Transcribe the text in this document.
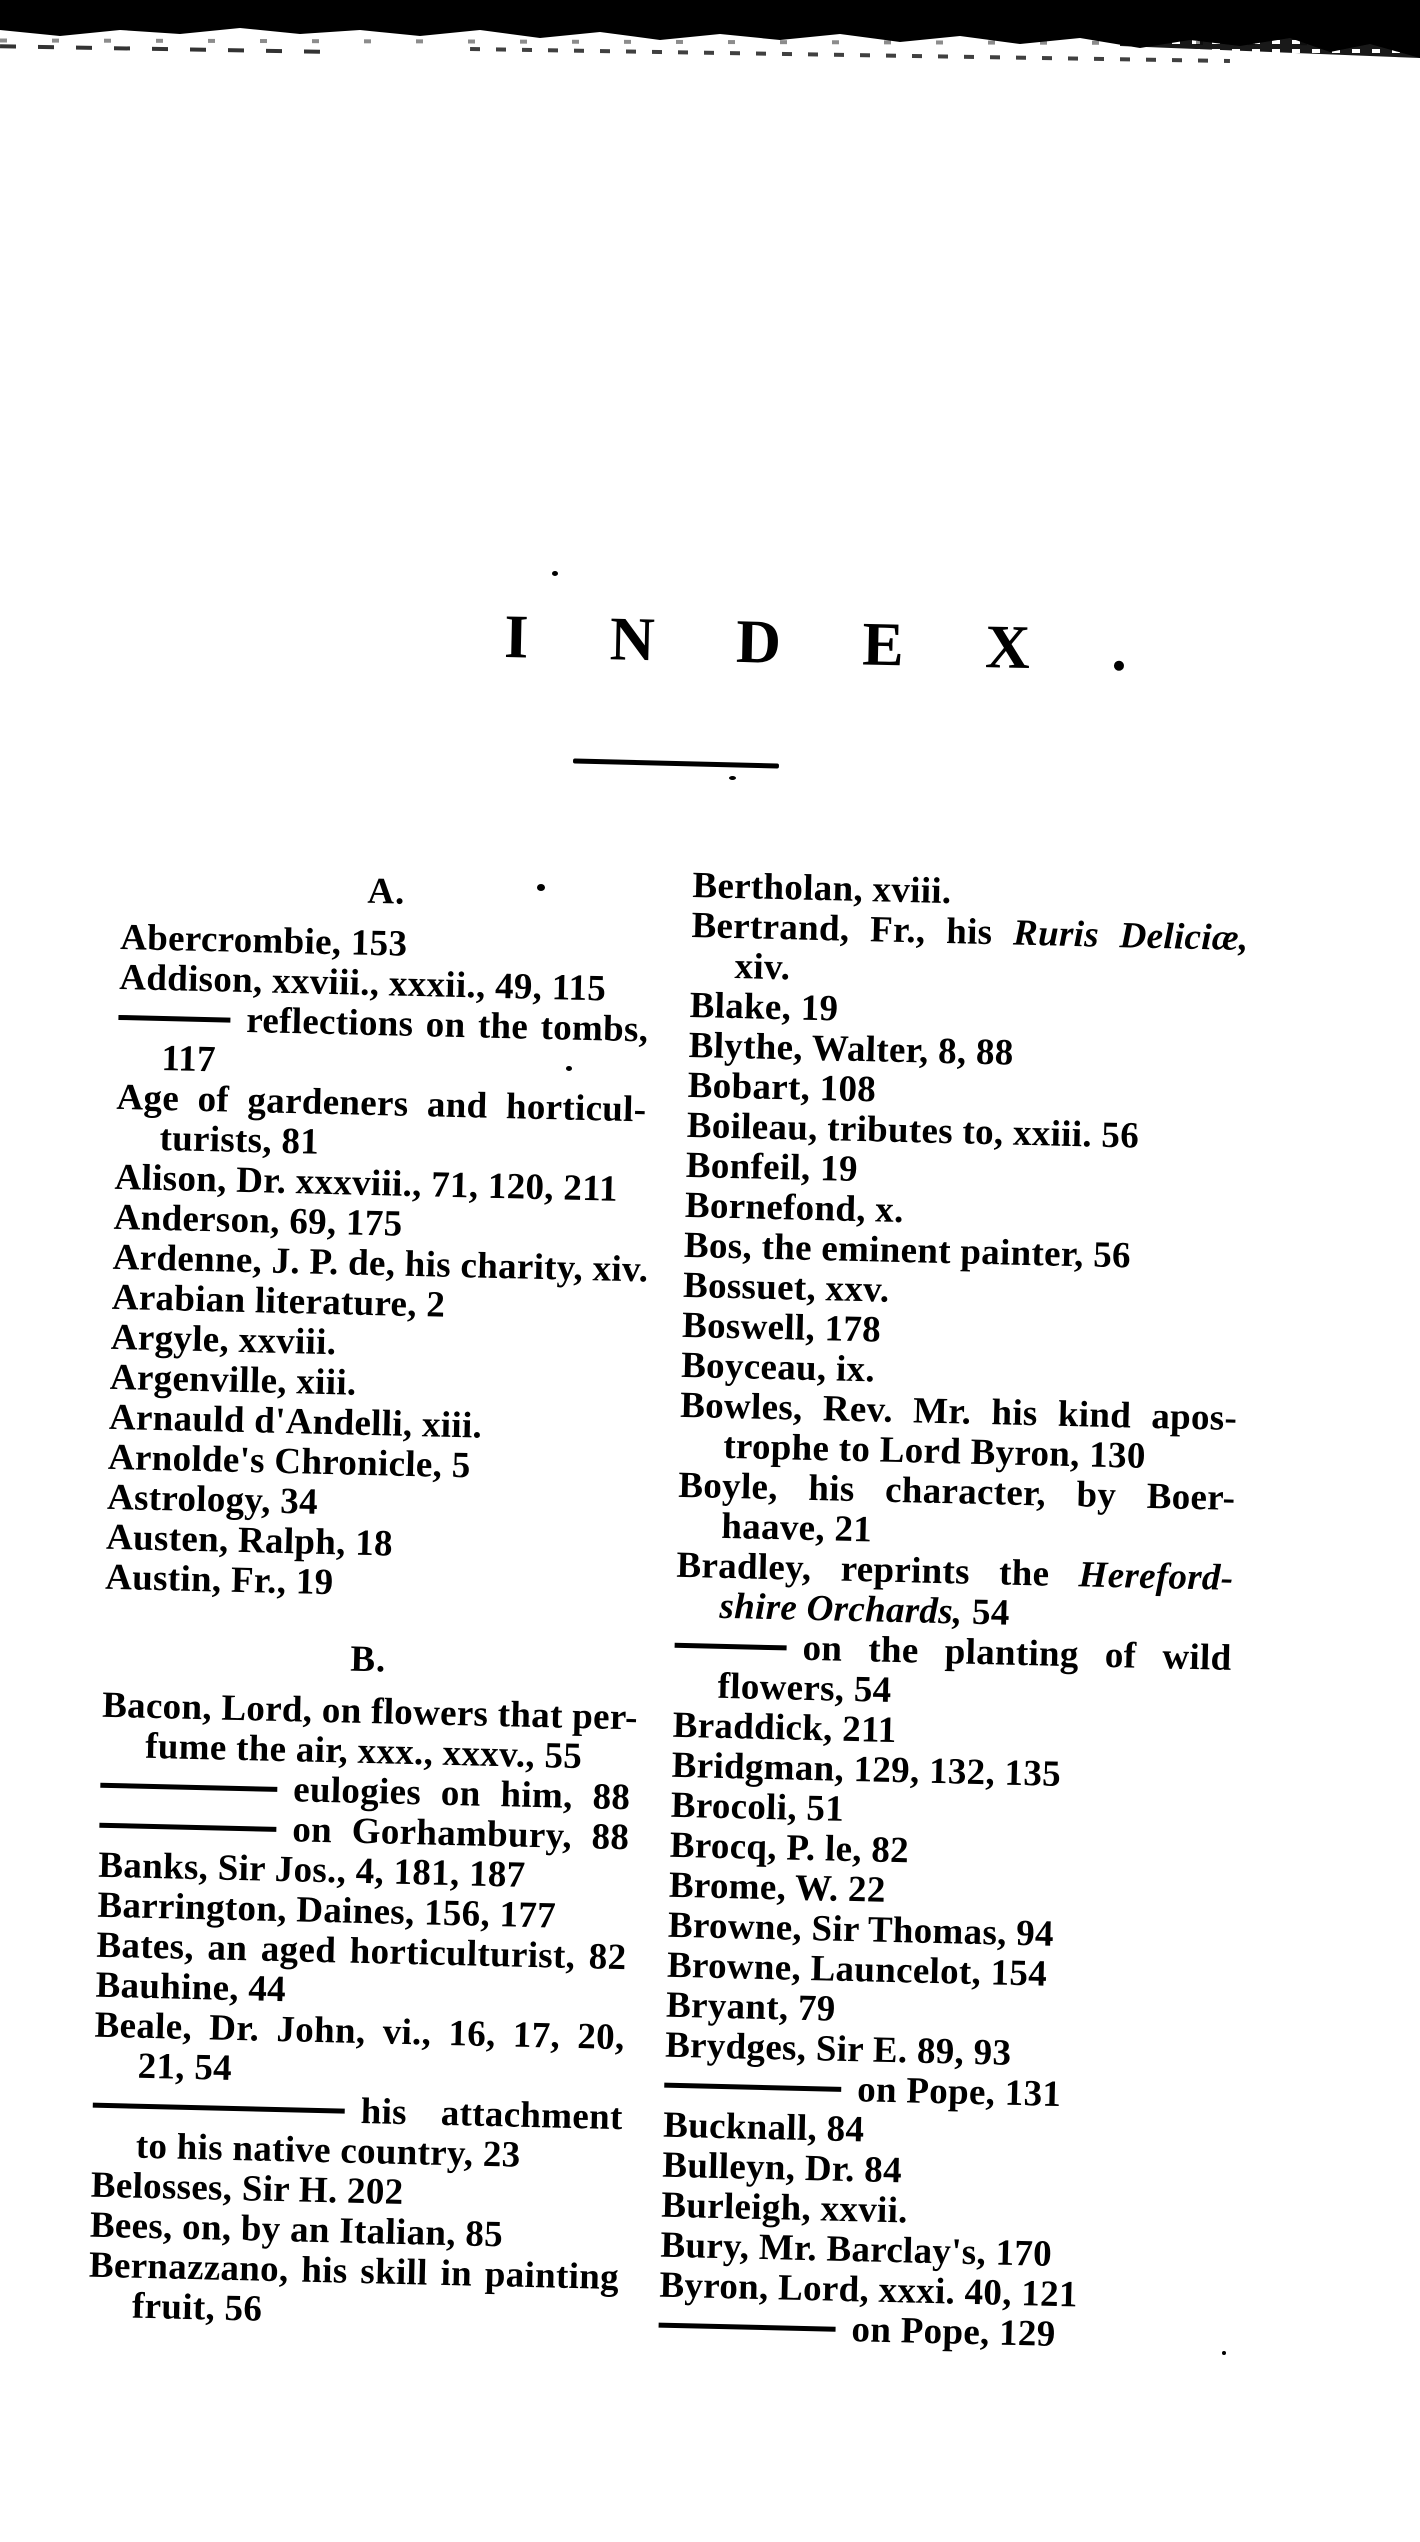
I N D E X .
A.
Abercrombie, 153
Addison, xxviii., xxxii., 49, 115
reflections on the tombs,
117
Age of gardeners and horticul-
turists, 81
Alison, Dr. xxxviii., 71, 120, 211
Anderson, 69, 175
Ardenne, J. P. de, his charity, xiv.
Arabian literature, 2
Argyle, xxviii.
Argenville, xiii.
Arnauld d'Andelli, xiii.
Arnolde's Chronicle, 5
Astrology, 34
Austen, Ralph, 18
Austin, Fr., 19
B.
Bacon, Lord, on flowers that per-
fume the air, xxx., xxxv., 55
eulogies on him, 88
on Gorhambury, 88
Banks, Sir Jos., 4, 181, 187
Barrington, Daines, 156, 177
Bates, an aged horticulturist, 82
Bauhine, 44
Beale, Dr. John, vi., 16, 17, 20,
21, 54
his attachment
to his native country, 23
Belosses, Sir H. 202
Bees, on, by an Italian, 85
Bernazzano, his skill in painting
fruit, 56
Bertholan, xviii.
Bertrand, Fr., his Ruris Deliciæ,
xiv.
Blake, 19
Blythe, Walter, 8, 88
Bobart, 108
Boileau, tributes to, xxiii. 56
Bonfeil, 19
Bornefond, x.
Bos, the eminent painter, 56
Bossuet, xxv.
Boswell, 178
Boyceau, ix.
Bowles, Rev. Mr. his kind apos-
trophe to Lord Byron, 130
Boyle, his character, by Boer-
haave, 21
Bradley, reprints the Hereford-
shire Orchards, 54
on the planting of wild
flowers, 54
Braddick, 211
Bridgman, 129, 132, 135
Brocoli, 51
Brocq, P. le, 82
Brome, W. 22
Browne, Sir Thomas, 94
Browne, Launcelot, 154
Bryant, 79
Brydges, Sir E. 89, 93
on Pope, 131
Bucknall, 84
Bulleyn, Dr. 84
Burleigh, xxvii.
Bury, Mr. Barclay's, 170
Byron, Lord, xxxi. 40, 121
on Pope, 129
